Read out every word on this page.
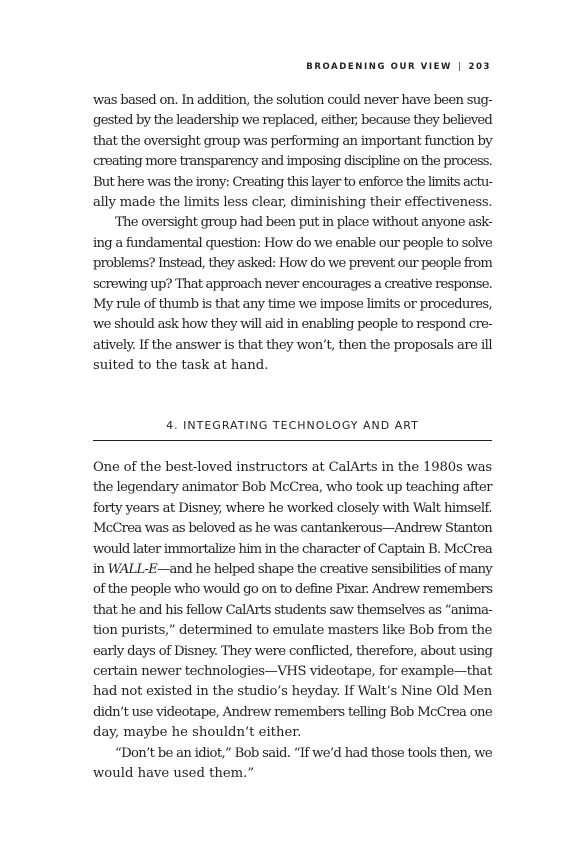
BROADENING OUR VIEW | 203

was based on. In addition, the solution could never have been sug-
gested by the leadership we replaced, either, because they believed
that the oversight group was performing an important function by
creating more transparency and imposing discipline on the process.
But here was the irony: Creating this layer to enforce the limits actu-
ally made the limits less clear, diminishing their effectiveness.

The oversight group had been put in place without anyone ask-
ing a fundamental question: How do we enable our people to solve
problems? Instead, they asked: How do we prevent our people from
screwing up? That approach never encourages a creative response.
My rule of thumb is that any time we impose limits or procedures,
we should ask how they will aid in enabling people to respond cre-
atively. If the answer is that they won’t, then the proposals are ill
suited to the task at hand.

4. INTEGRATING TECHNOLOGY AND ART

One of the best-loved instructors at CalArts in the 1980s was
the legendary animator Bob McCrea, who took up teaching after
forty years at Disney, where he worked closely with Walt himself.
McCrea was as beloved as he was cantankerous—Andrew Stanton
would later immortalize him in the character of Captain B. McCrea
in WALL-E—and he helped shape the creative sensibilities of many
of the people who would go on to define Pixar. Andrew remembers
that he and his fellow CalArts students saw themselves as “anima-
tion purists,” determined to emulate masters like Bob from the
early days of Disney. They were conflicted, therefore, about using
certain newer technologies—VHS videotape, for example—that
had not existed in the studio’s heyday. If Walt’s Nine Old Men
didn’t use videotape, Andrew remembers telling Bob McCrea one
day, maybe he shouldn’t either.

“Don’t be an idiot,” Bob said. “If we’d had those tools then, we
would have used them.”
